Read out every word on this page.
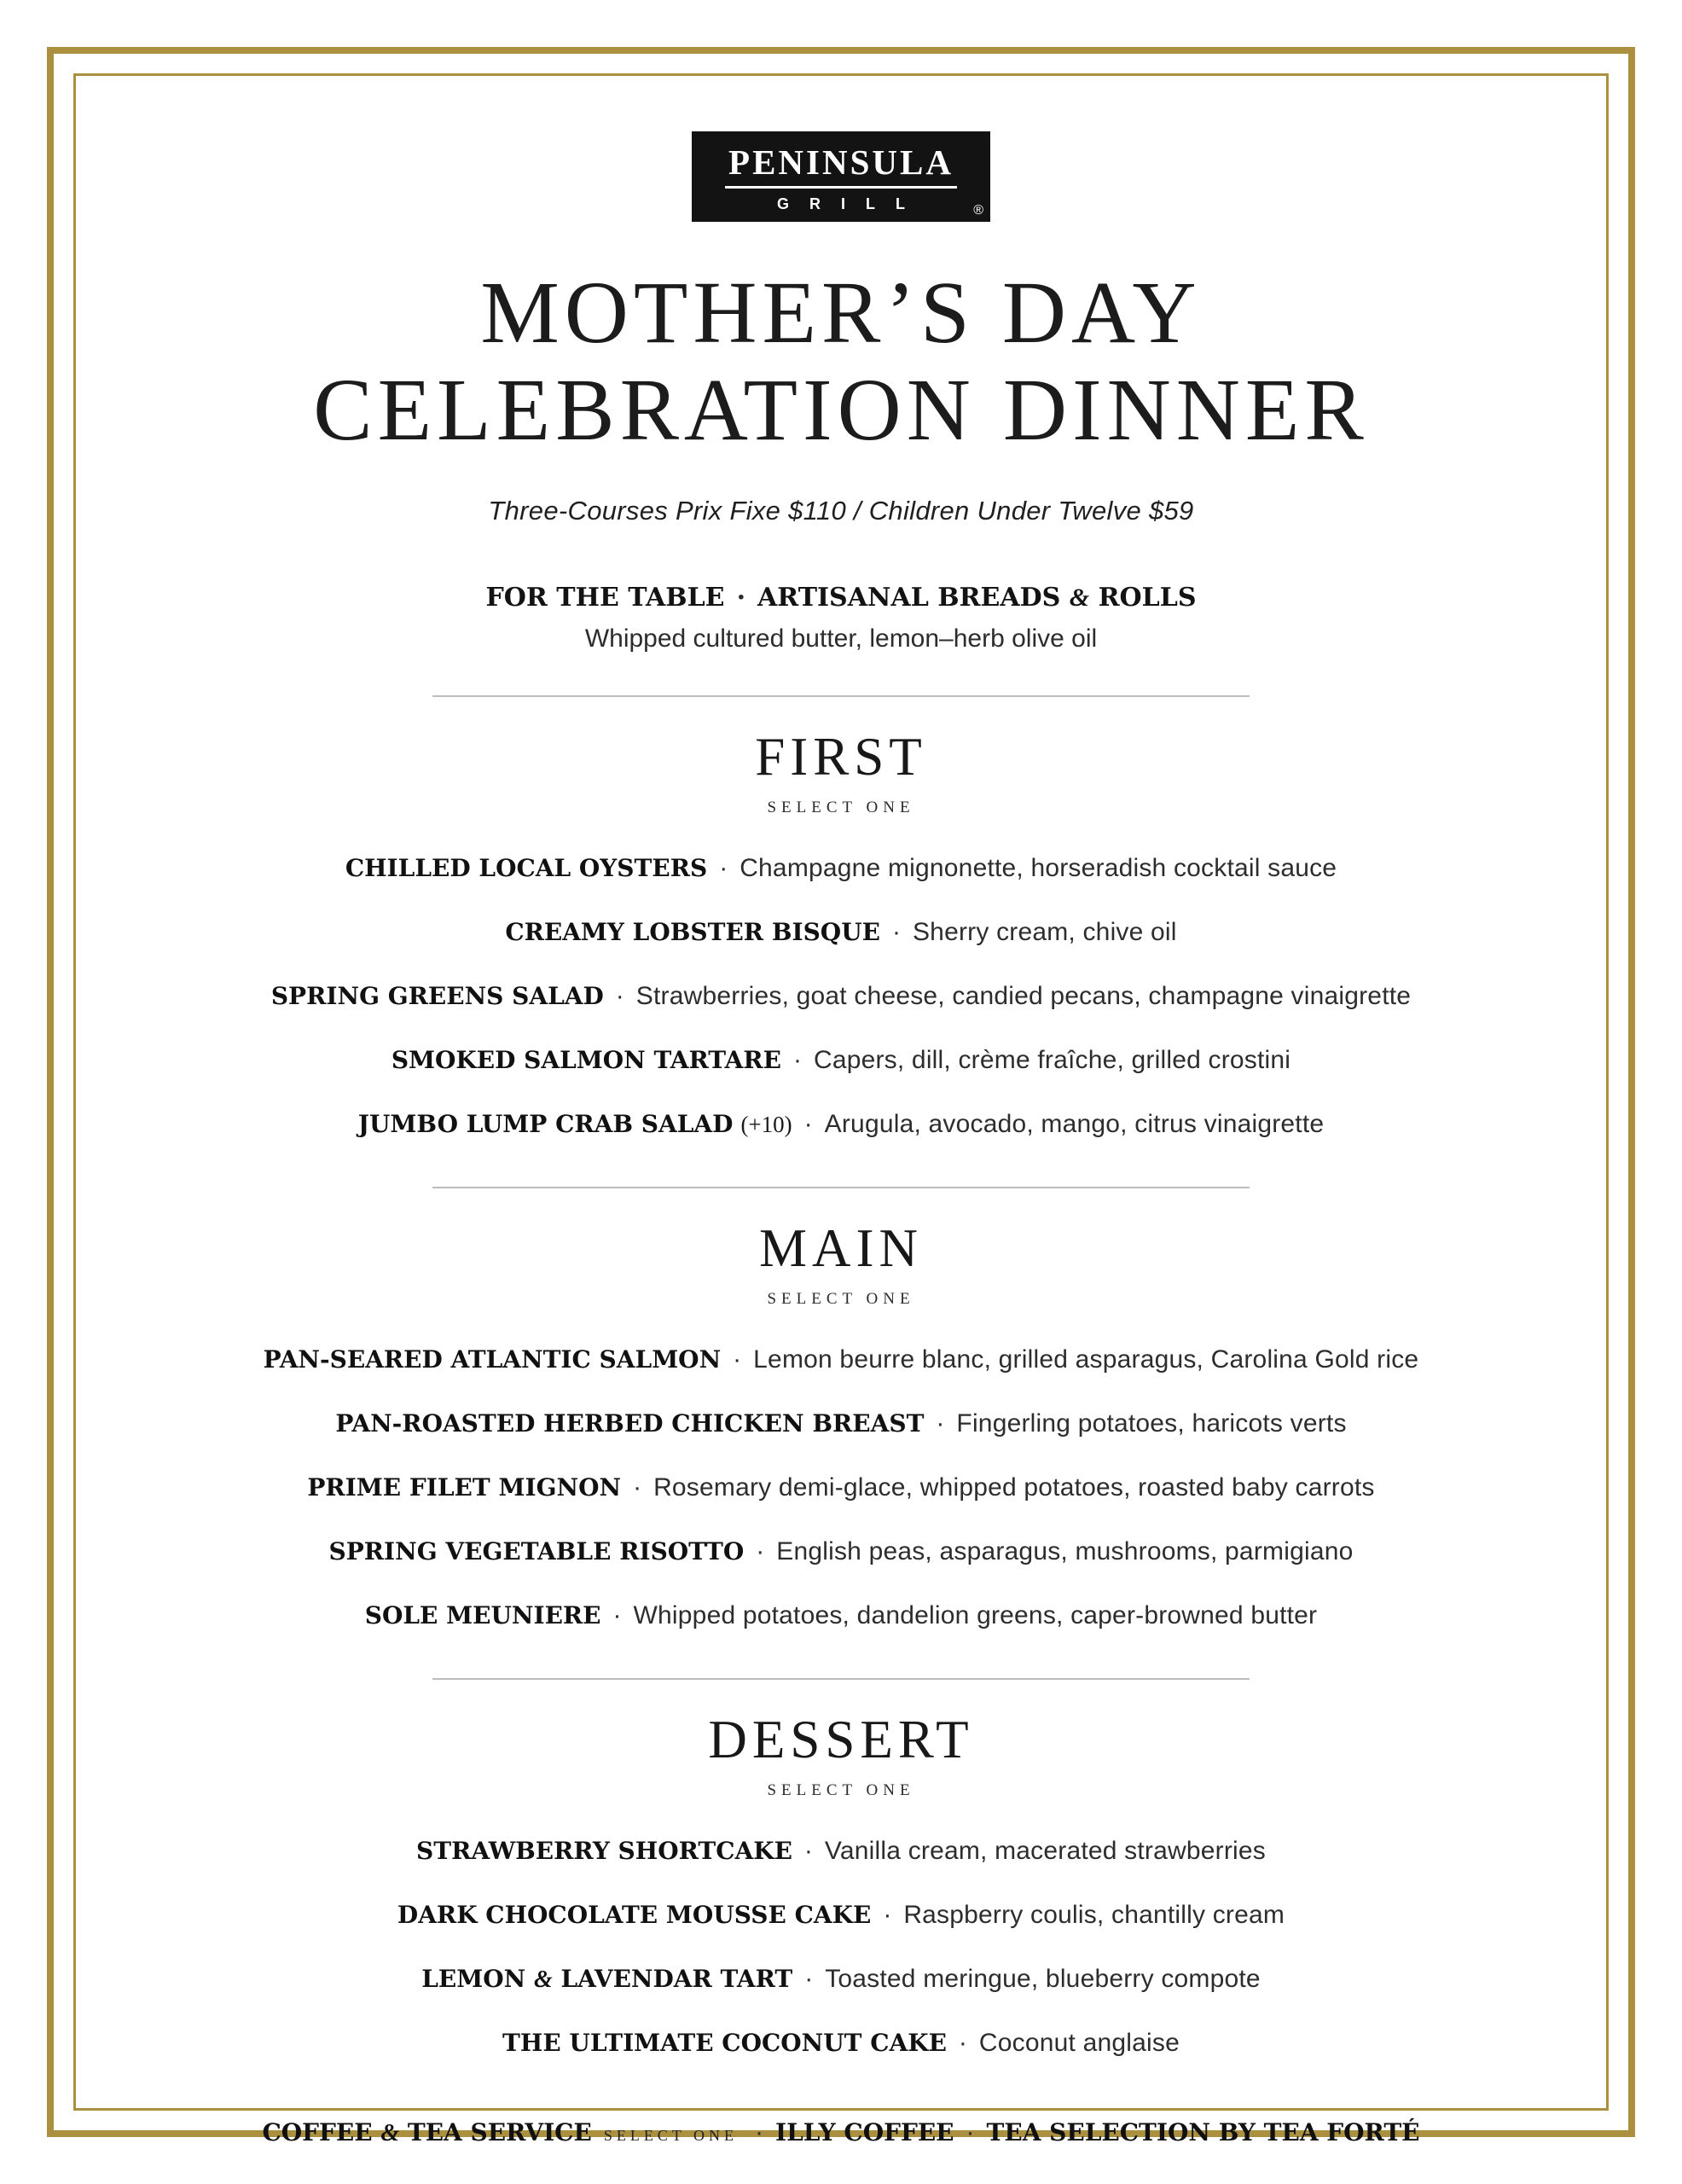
PENINSULA
GRILL	®
MOTHER’S DAY
CELEBRATION DINNER
Three-Courses Prix Fixe $110 / Children Under Twelve $59
FOR THE TABLE · ARTISANAL BREADS & ROLLS
Whipped cultured butter, lemon–herb olive oil
FIRST
SELECT ONE
CHILLED LOCAL OYSTERS · Champagne mignonette, horseradish cocktail sauce
CREAMY LOBSTER BISQUE · Sherry cream, chive oil
SPRING GREENS SALAD · Strawberries, goat cheese, candied pecans, champagne vinaigrette
SMOKED SALMON TARTARE · Capers, dill, crème fraîche, grilled crostini
JUMBO LUMP CRAB SALAD (+10) · Arugula, avocado, mango, citrus vinaigrette
MAIN
SELECT ONE
PAN-SEARED ATLANTIC SALMON · Lemon beurre blanc, grilled asparagus, Carolina Gold rice
PAN-ROASTED HERBED CHICKEN BREAST · Fingerling potatoes, haricots verts
PRIME FILET MIGNON · Rosemary demi-glace, whipped potatoes, roasted baby carrots
SPRING VEGETABLE RISOTTO · English peas, asparagus, mushrooms, parmigiano
SOLE MEUNIERE · Whipped potatoes, dandelion greens, caper-browned butter
DESSERT
SELECT ONE
STRAWBERRY SHORTCAKE · Vanilla cream, macerated strawberries
DARK CHOCOLATE MOUSSE CAKE · Raspberry coulis, chantilly cream
LEMON & LAVENDAR TART · Toasted meringue, blueberry compote
THE ULTIMATE COCONUT CAKE · Coconut anglaise
COFFEE & TEA SERVICE SELECT ONE · ILLY COFFEE · TEA SELECTION BY TEA FORTÉ
